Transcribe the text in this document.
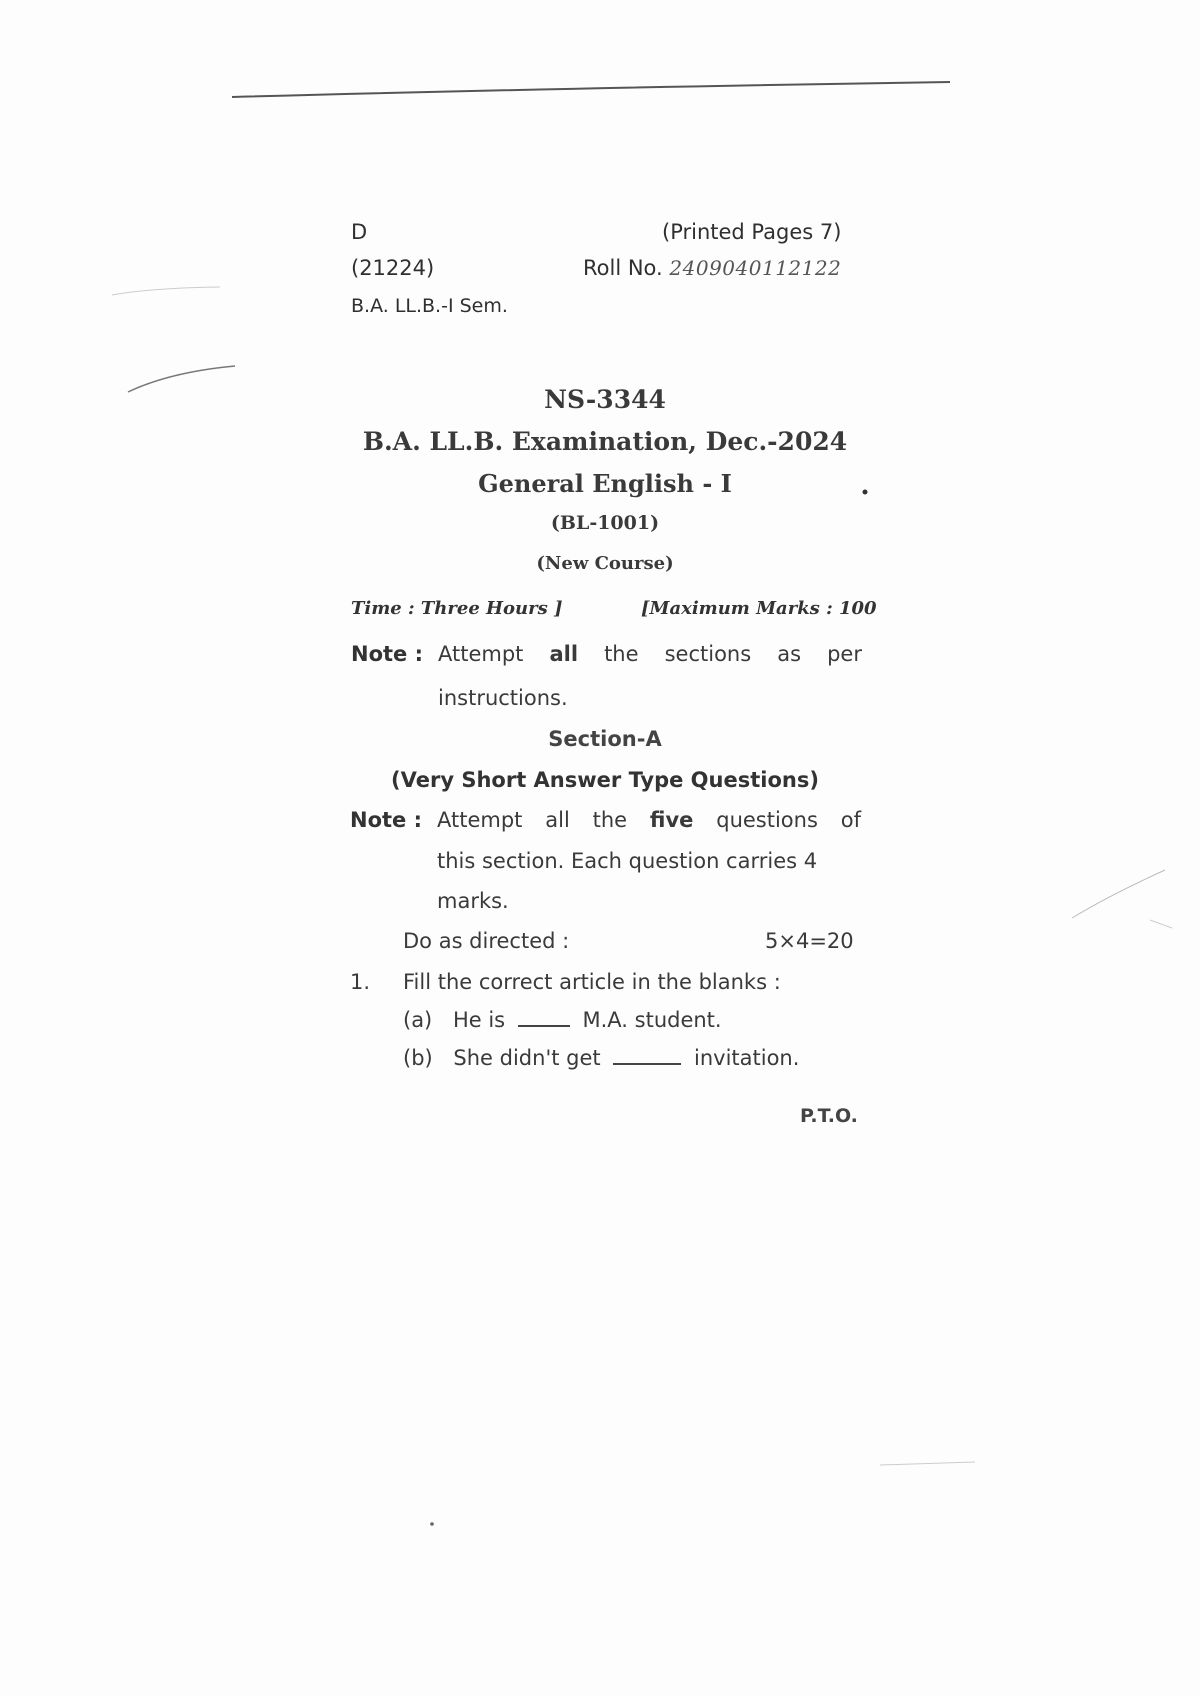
D	(Printed Pages 7)
(21224)	Roll No. 2409040112122
B.A. LL.B.-I Sem.
NS-3344
B.A. LL.B. Examination, Dec.-2024
General English - I
(BL-1001)
(New Course)
Time : Three Hours ]	[Maximum Marks : 100
Note : Attempt all the sections as per
instructions.
Section-A
(Very Short Answer Type Questions)
Note : Attempt all the five questions of
this section. Each question carries 4
marks.
Do as directed :	5×4=20
1. Fill the correct article in the blanks :
(a) He is	M.A. student.
(b) She didn't get	invitation.
P.T.O.
